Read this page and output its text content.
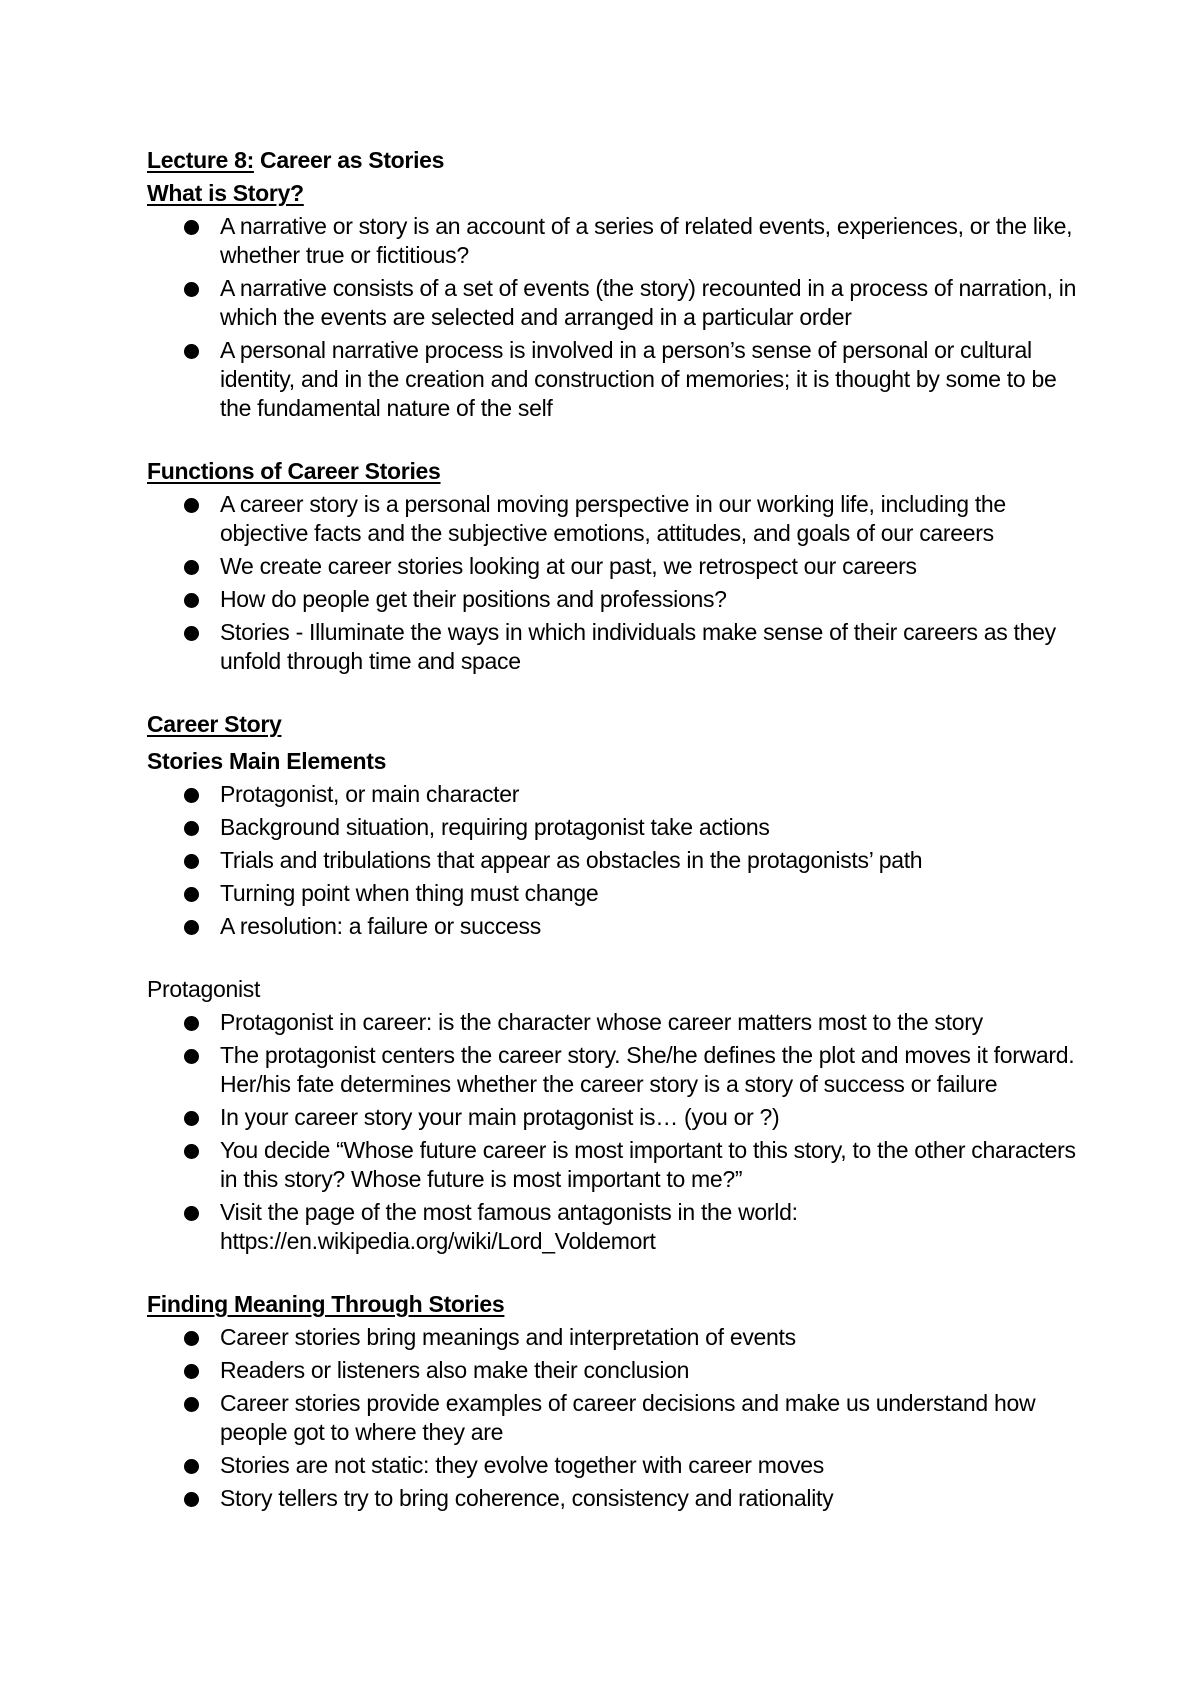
Lecture 8: Career as Stories

What is Story?

A narrative or story is an account of a series of related events, experiences, or the like, whether true or fictitious?
A narrative consists of a set of events (the story) recounted in a process of narration, in which the events are selected and arranged in a particular order
A personal narrative process is involved in a person’s sense of personal or cultural identity, and in the creation and construction of memories; it is thought by some to be the fundamental nature of the self

Functions of Career Stories

A career story is a personal moving perspective in our working life, including the objective facts and the subjective emotions, attitudes, and goals of our careers
We create career stories looking at our past, we retrospect our careers
How do people get their positions and professions?
Stories - Illuminate the ways in which individuals make sense of their careers as they unfold through time and space

Career Story

Stories Main Elements

Protagonist, or main character
Background situation, requiring protagonist take actions
Trials and tribulations that appear as obstacles in the protagonists’ path
Turning point when thing must change
A resolution: a failure or success

Protagonist

Protagonist in career: is the character whose career matters most to the story
The protagonist centers the career story. She/he defines the plot and moves it forward. Her/his fate determines whether the career story is a story of success or failure
In your career story your main protagonist is… (you or ?)
You decide “Whose future career is most important to this story, to the other characters in this story? Whose future is most important to me?”
Visit the page of the most famous antagonists in the world: https://en.wikipedia.org/wiki/Lord_Voldemort

Finding Meaning Through Stories

Career stories bring meanings and interpretation of events
Readers or listeners also make their conclusion
Career stories provide examples of career decisions and make us understand how people got to where they are
Stories are not static: they evolve together with career moves
Story tellers try to bring coherence, consistency and rationality
